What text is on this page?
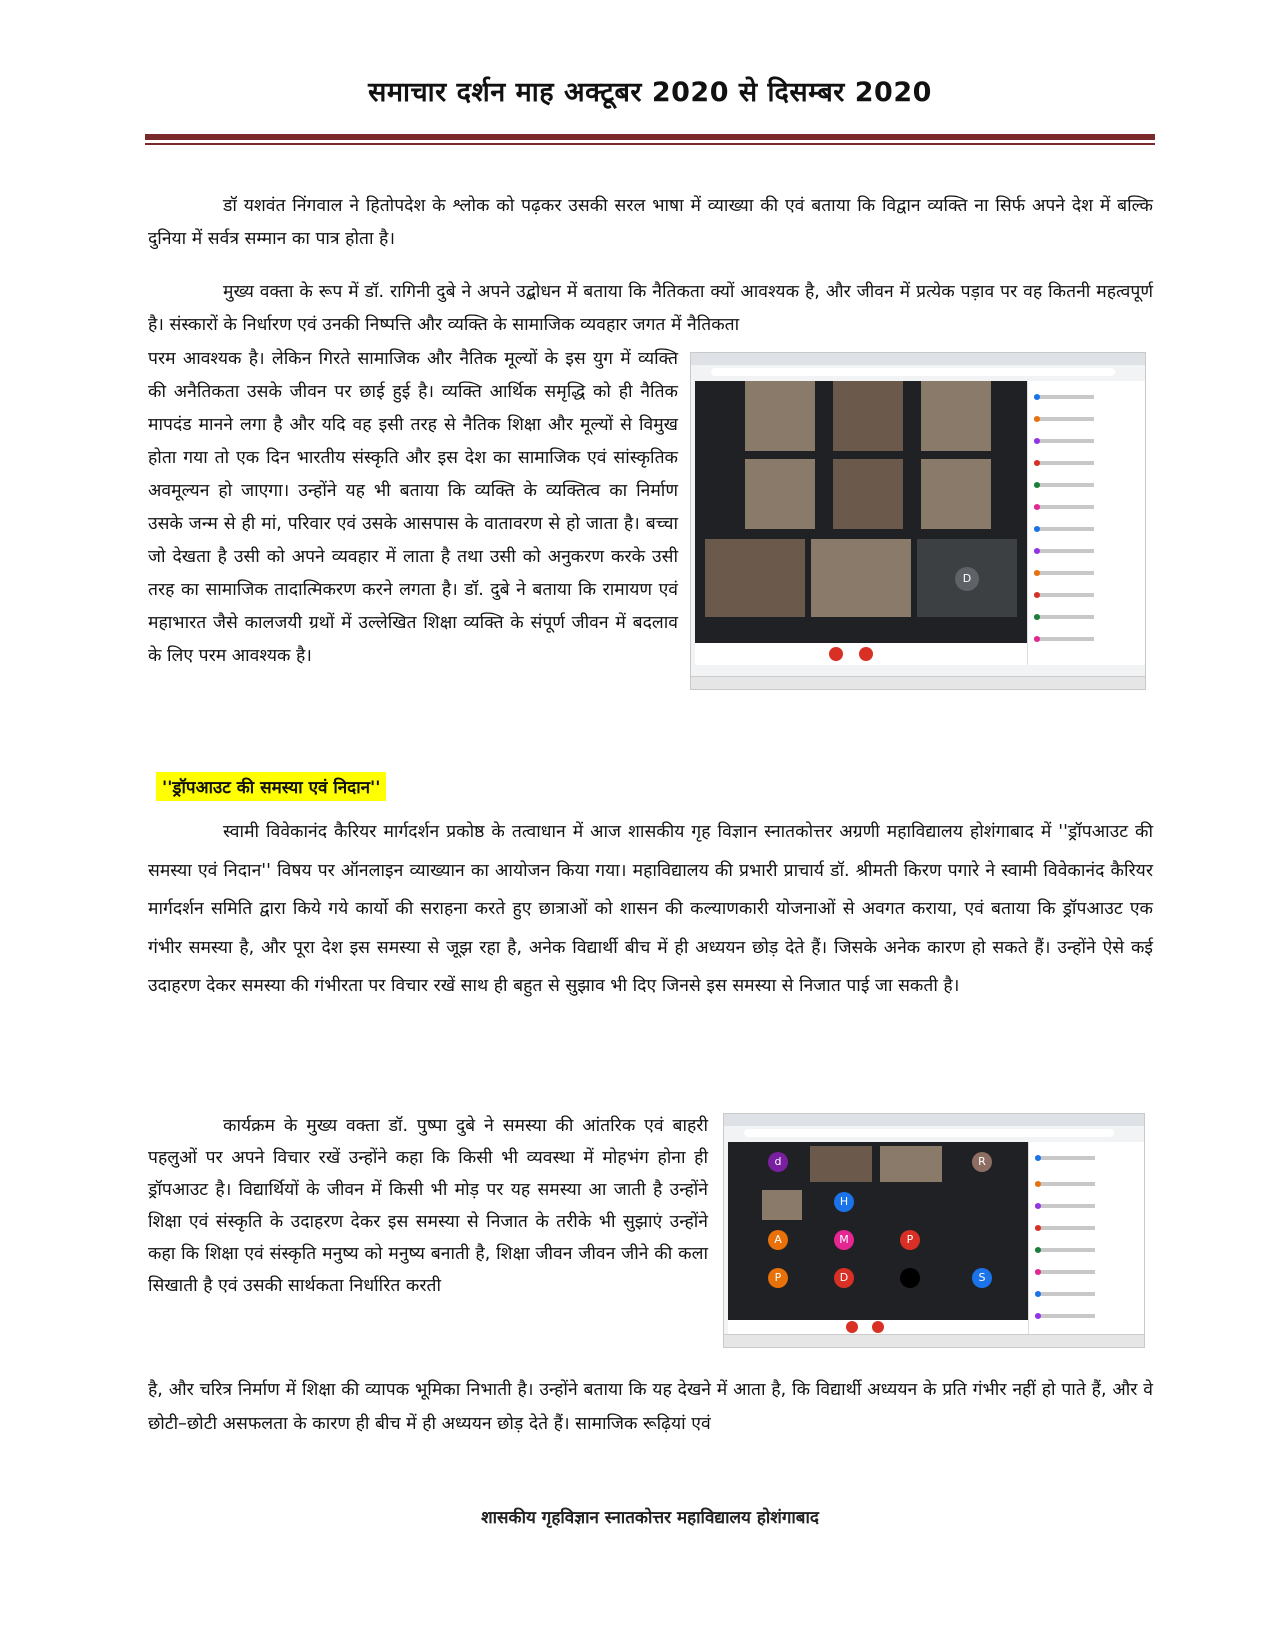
समाचार दर्शन माह अक्टूबर 2020 से दिसम्बर 2020

डॉ यशवंत निंगवाल ने हितोपदेश के श्लोक को पढ़कर उसकी सरल भाषा में व्याख्या की एवं बताया कि विद्वान व्यक्ति ना सिर्फ अपने देश में बल्कि दुनिया में सर्वत्र सम्मान का पात्र होता है।

मुख्य वक्ता के रूप में डॉ. रागिनी दुबे ने अपने उद्बोधन में बताया कि नैतिकता क्यों आवश्यक है, और जीवन में प्रत्येक पड़ाव पर वह कितनी महत्वपूर्ण है। संस्कारों के निर्धारण एवं उनकी निष्पत्ति और व्यक्ति के सामाजिक व्यवहार जगत में नैतिकता

परम आवश्यक है। लेकिन गिरते सामाजिक और नैतिक मूल्यों के इस युग में व्यक्ति की अनैतिकता उसके जीवन पर छाई हुई है। व्यक्ति आर्थिक समृद्धि को ही नैतिक मापदंड मानने लगा है और यदि वह इसी तरह से नैतिक शिक्षा और मूल्यों से विमुख होता गया तो एक दिन भारतीय संस्कृति और इस देश का सामाजिक एवं सांस्कृतिक अवमूल्यन हो जाएगा। उन्होंने यह भी बताया कि व्यक्ति के व्यक्तित्व का निर्माण उसके जन्म से ही मां, परिवार एवं उसके आसपास के वातावरण से हो जाता है। बच्चा जो देखता है उसी को अपने व्यवहार में लाता है तथा उसी को अनुकरण करके उसी तरह का सामाजिक तादात्मिकरण करने लगता है। डॉ. दुबे ने बताया कि रामायण एवं महाभारत जैसे कालजयी ग्रथों में उल्लेखित शिक्षा व्यक्ति के संपूर्ण जीवन में बदलाव के लिए परम आवश्यक है।

D
''ड्रॉपआउट की समस्या एवं निदान''

स्वामी विवेकानंद कैरियर मार्गदर्शन प्रकोष्ठ के तत्वाधान में आज शासकीय गृह विज्ञान स्नातकोत्तर अग्रणी महाविद्यालय होशंगाबाद में ''ड्रॉपआउट की समस्या एवं निदान'' विषय पर ऑनलाइन व्याख्यान का आयोजन किया गया। महाविद्यालय की प्रभारी प्राचार्य डॉ. श्रीमती किरण पगारे ने स्वामी विवेकानंद कैरियर मार्गदर्शन समिति द्वारा किये गये कार्यो की सराहना करते हुए छात्राओं को शासन की कल्याणकारी योजनाओं से अवगत कराया, एवं बताया कि ड्रॉपआउट एक गंभीर समस्या है, और पूरा देश इस समस्या से जूझ रहा है, अनेक विद्यार्थी बीच में ही अध्ययन छोड़ देते हैं। जिसके अनेक कारण हो सकते हैं। उन्होंने ऐसे कई उदाहरण देकर समस्या की गंभीरता पर विचार रखें साथ ही बहुत से सुझाव भी दिए जिनसे इस समस्या से निजात पाई जा सकती है।

कार्यक्रम के मुख्य वक्ता डॉ. पुष्पा दुबे ने समस्या की आंतरिक एवं बाहरी पहलुओं पर अपने विचार रखें उन्होंने कहा कि किसी भी व्यवस्था में मोहभंग होना ही ड्रॉपआउट है। विद्यार्थियों के जीवन में किसी भी मोड़ पर यह समस्या आ जाती है उन्होंने शिक्षा एवं संस्कृति के उदाहरण देकर इस समस्या से निजात के तरीके भी सुझाएं उन्होंने कहा कि शिक्षा एवं संस्कृति मनुष्य को मनुष्य बनाती है, शिक्षा जीवन जीवन जीने की कला सिखाती है एवं उसकी सार्थकता निर्धारित करती

d	R
H
A	M	P
P	D	S

है, और चरित्र निर्माण में शिक्षा की व्यापक भूमिका निभाती है। उन्होंने बताया कि यह देखने में आता है, कि विद्यार्थी अध्ययन के प्रति गंभीर नहीं हो पाते हैं, और वे छोटी–छोटी असफलता के कारण ही बीच में ही अध्ययन छोड़ देते हैं। सामाजिक रूढ़ियां एवं

शासकीय गृहविज्ञान स्नातकोत्तर महाविद्यालय होशंगाबाद
